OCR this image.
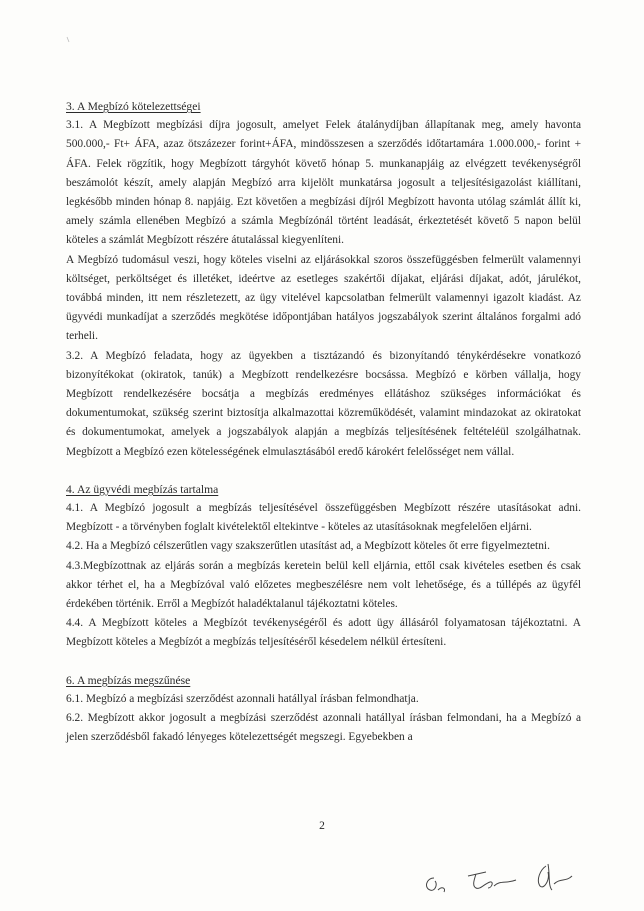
3. A Megbízó kötelezettségei

3.1. A Megbízott megbízási díjra jogosult, amelyet Felek átalánydíjban állapítanak meg, amely havonta 500.000,- Ft+ ÁFA, azaz ötszázezer forint+ÁFA, mindösszesen a szerződés időtartamára 1.000.000,- forint + ÁFA. Felek rögzítik, hogy Megbízott tárgyhót követő hónap 5. munkanapjáig az elvégzett tevékenységről beszámolót készít, amely alapján Megbízó arra kijelölt munkatársa jogosult a teljesítésigazolást kiállítani, legkésőbb minden hónap 8. napjáig. Ezt követően a megbízási díjról Megbízott havonta utólag számlát állít ki, amely számla ellenében Megbízó a számla Megbízónál történt leadását, érkeztetését követő 5 napon belül köteles a számlát Megbízott részére átutalással kiegyenlíteni.

A Megbízó tudomásul veszi, hogy köteles viselni az eljárásokkal szoros összefüggésben felmerült valamennyi költséget, perköltséget és illetéket, ideértve az esetleges szakértői díjakat, eljárási díjakat, adót, járulékot, továbbá minden, itt nem részletezett, az ügy vitelével kapcsolatban felmerült valamennyi igazolt kiadást. Az ügyvédi munkadíjat a szerződés megkötése időpontjában hatályos jogszabályok szerint általános forgalmi adó terheli.

3.2. A Megbízó feladata, hogy az ügyekben a tisztázandó és bizonyítandó ténykérdésekre vonatkozó bizonyítékokat (okiratok, tanúk) a Megbízott rendelkezésre bocsássa. Megbízó e körben vállalja, hogy Megbízott rendelkezésére bocsátja a megbízás eredményes ellátáshoz szükséges információkat és dokumentumokat, szükség szerint biztosítja alkalmazottai közreműködését, valamint mindazokat az okiratokat és dokumentumokat, amelyek a jogszabályok alapján a megbízás teljesítésének feltételéül szolgálhatnak. Megbízott a Megbízó ezen kötelességének elmulasztásából eredő károkért felelősséget nem vállal.

4. Az ügyvédi megbízás tartalma

4.1. A Megbízó jogosult a megbízás teljesítésével összefüggésben Megbízott részére utasításokat adni. Megbízott - a törvényben foglalt kivételektől eltekintve - köteles az utasításoknak megfelelően eljárni.

4.2. Ha a Megbízó célszerűtlen vagy szakszerűtlen utasítást ad, a Megbízott köteles őt erre figyelmeztetni.

4.3.Megbízottnak az eljárás során a megbízás keretein belül kell eljárnia, ettől csak kivételes esetben és csak akkor térhet el, ha a Megbízóval való előzetes megbeszélésre nem volt lehetősége, és a túllépés az ügyfél érdekében történik. Erről a Megbízót haladéktalanul tájékoztatni köteles.

4.4. A Megbízott köteles a Megbízót tevékenységéről és adott ügy állásáról folyamatosan tájékoztatni. A Megbízott köteles a Megbízót a megbízás teljesítéséről késedelem nélkül értesíteni.

6. A megbízás megszűnése

6.1. Megbízó a megbízási szerződést azonnali hatállyal írásban felmondhatja.

6.2. Megbízott akkor jogosult a megbízási szerződést azonnali hatállyal írásban felmondani, ha a Megbízó a jelen szerződésből fakadó lényeges kötelezettségét megszegi. Egyebekben a

2
